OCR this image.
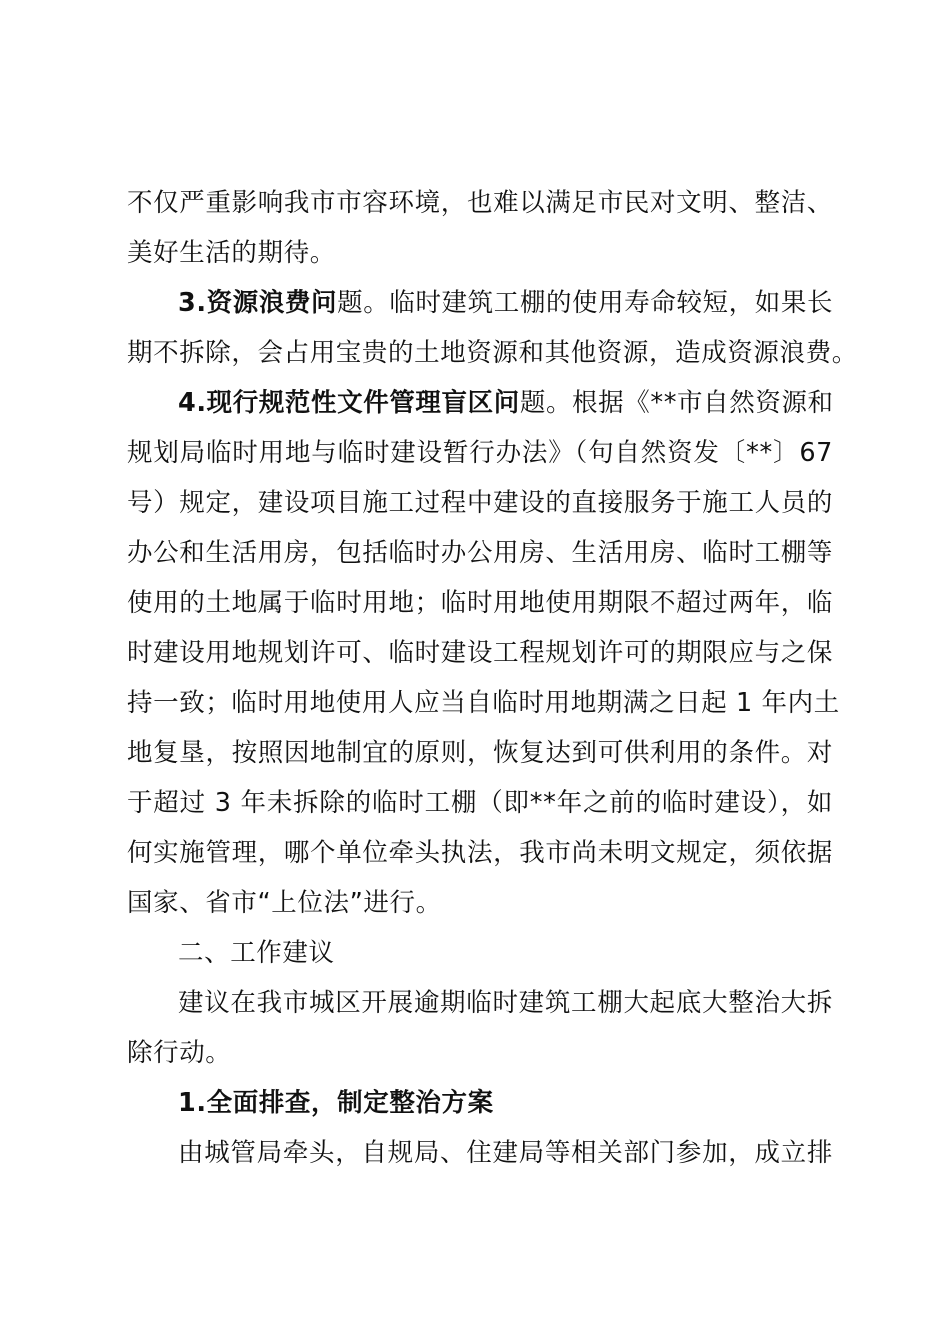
不仅严重影响我市市容环境，也难以满足市民对文明、整洁、
美好生活的期待。
3.资源浪费问题。临时建筑工棚的使用寿命较短，如果长
期不拆除，会占用宝贵的土地资源和其他资源，造成资源浪费。
4.现行规范性文件管理盲区问题。根据《**市自然资源和
规划局临时用地与临时建设暂行办法》（句自然资发〔**〕67
号）规定，建设项目施工过程中建设的直接服务于施工人员的
办公和生活用房，包括临时办公用房、生活用房、临时工棚等
使用的土地属于临时用地；临时用地使用期限不超过两年，临
时建设用地规划许可、临时建设工程规划许可的期限应与之保
持一致；临时用地使用人应当自临时用地期满之日起 1 年内土
地复垦，按照因地制宜的原则，恢复达到可供利用的条件。对
于超过 3 年未拆除的临时工棚（即**年之前的临时建设），如
何实施管理，哪个单位牵头执法，我市尚未明文规定，须依据
国家、省市“上位法”进行。
二、工作建议
建议在我市城区开展逾期临时建筑工棚大起底大整治大拆
除行动。
1.全面排查，制定整治方案
由城管局牵头，自规局、住建局等相关部门参加，成立排
